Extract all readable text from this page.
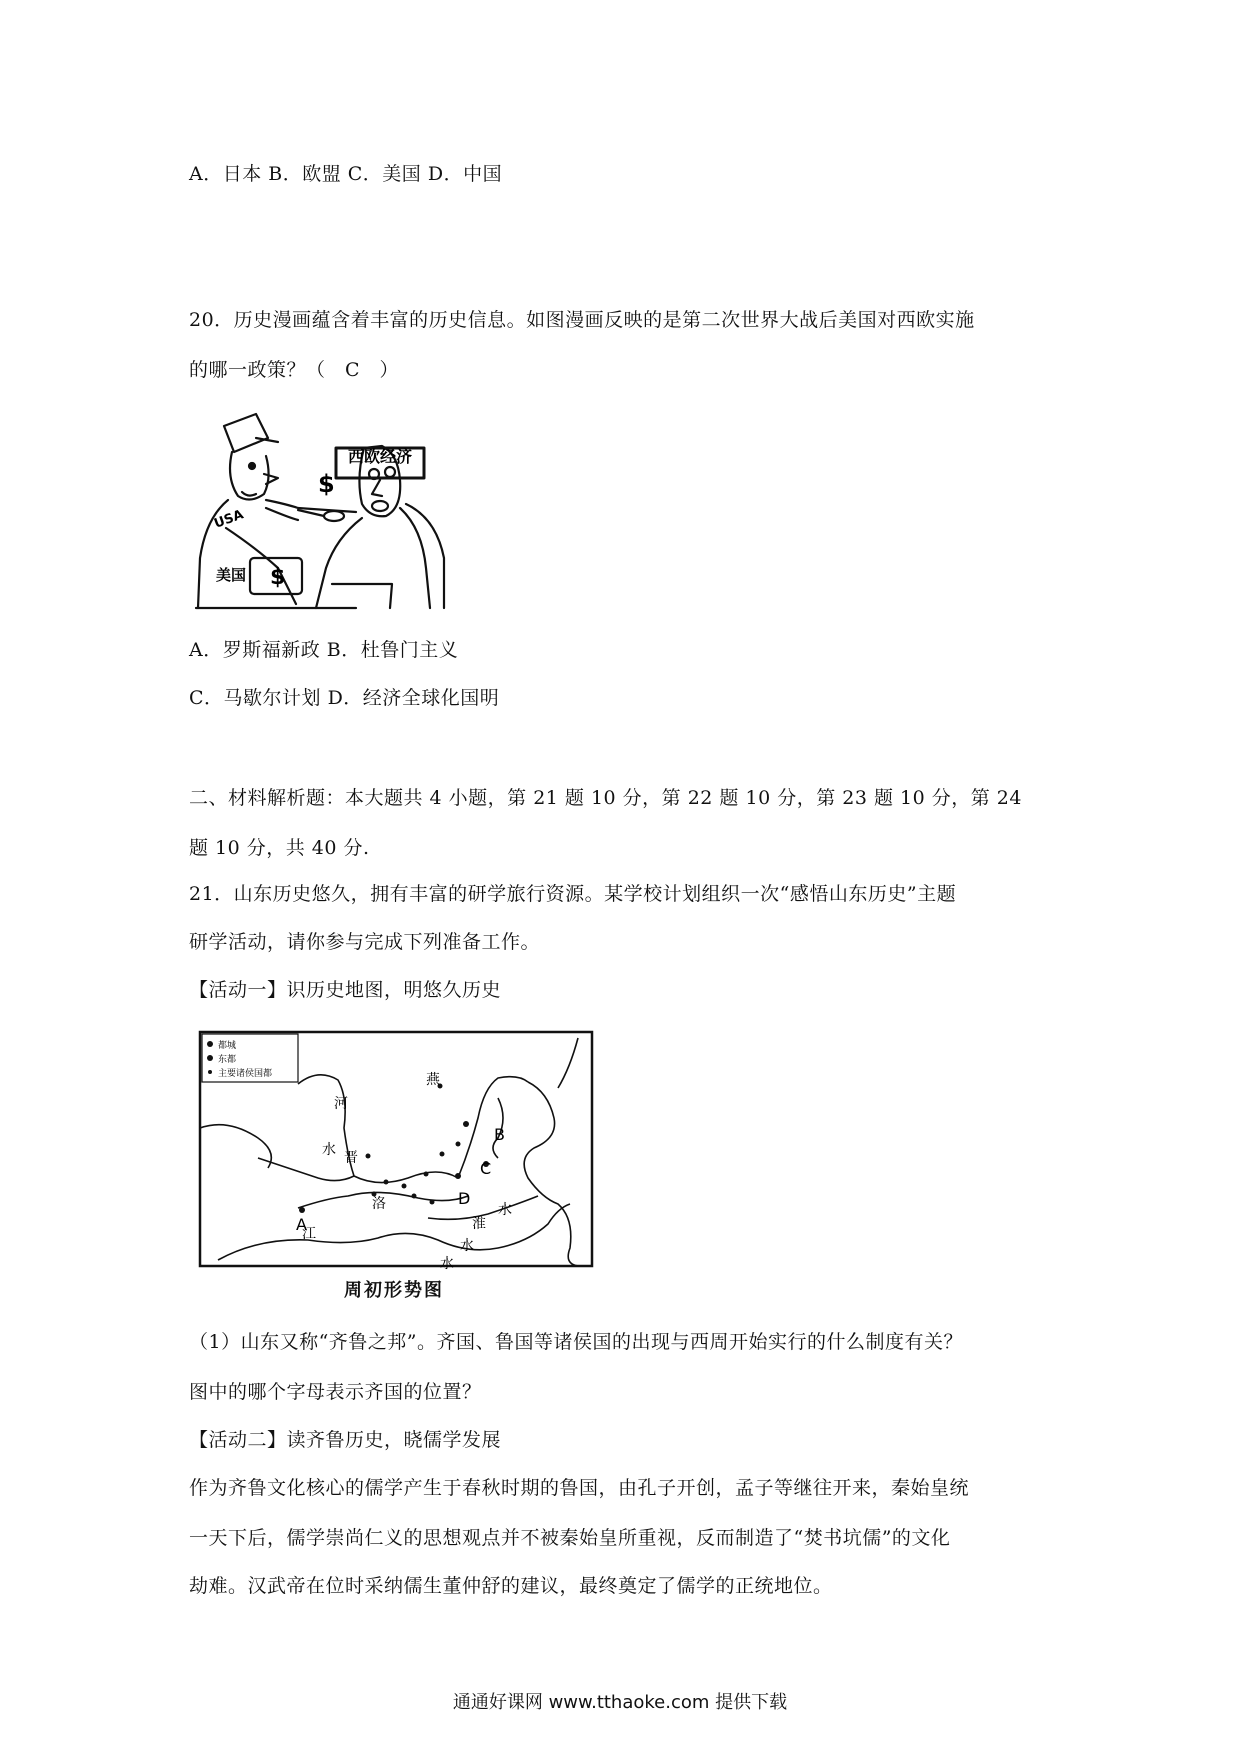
A．日本 B．欧盟 C．美国 D．中国
20．历史漫画蕴含着丰富的历史信息。如图漫画反映的是第二次世界大战后美国对西欧实施
的哪一政策？（　C　）
西欧经济
USA
美国
$
$
A．罗斯福新政 B．杜鲁门主义
C．马歇尔计划 D．经济全球化国明
二、材料解析题：本大题共 4 小题，第 21 题 10 分，第 22 题 10 分，第 23 题 10 分，第 24
题 10 分，共 40 分.
21．山东历史悠久，拥有丰富的研学旅行资源。某学校计划组织一次“感悟山东历史”主题
研学活动，请你参与完成下列准备工作。
【活动一】识历史地图，明悠久历史
都城
东都
主要诸侯国都	燕
河
水 晋
洛
江
淮
水
水
水
A
B
C
D
周初形势图
（1）山东又称“齐鲁之邦”。齐国、鲁国等诸侯国的出现与西周开始实行的什么制度有关？
图中的哪个字母表示齐国的位置？
【活动二】读齐鲁历史，晓儒学发展
作为齐鲁文化核心的儒学产生于春秋时期的鲁国，由孔子开创，孟子等继往开来，秦始皇统
一天下后，儒学崇尚仁义的思想观点并不被秦始皇所重视，反而制造了“焚书坑儒”的文化
劫难。汉武帝在位时采纳儒生董仲舒的建议，最终奠定了儒学的正统地位。
通通好课网 www.tthaoke.com 提供下载
